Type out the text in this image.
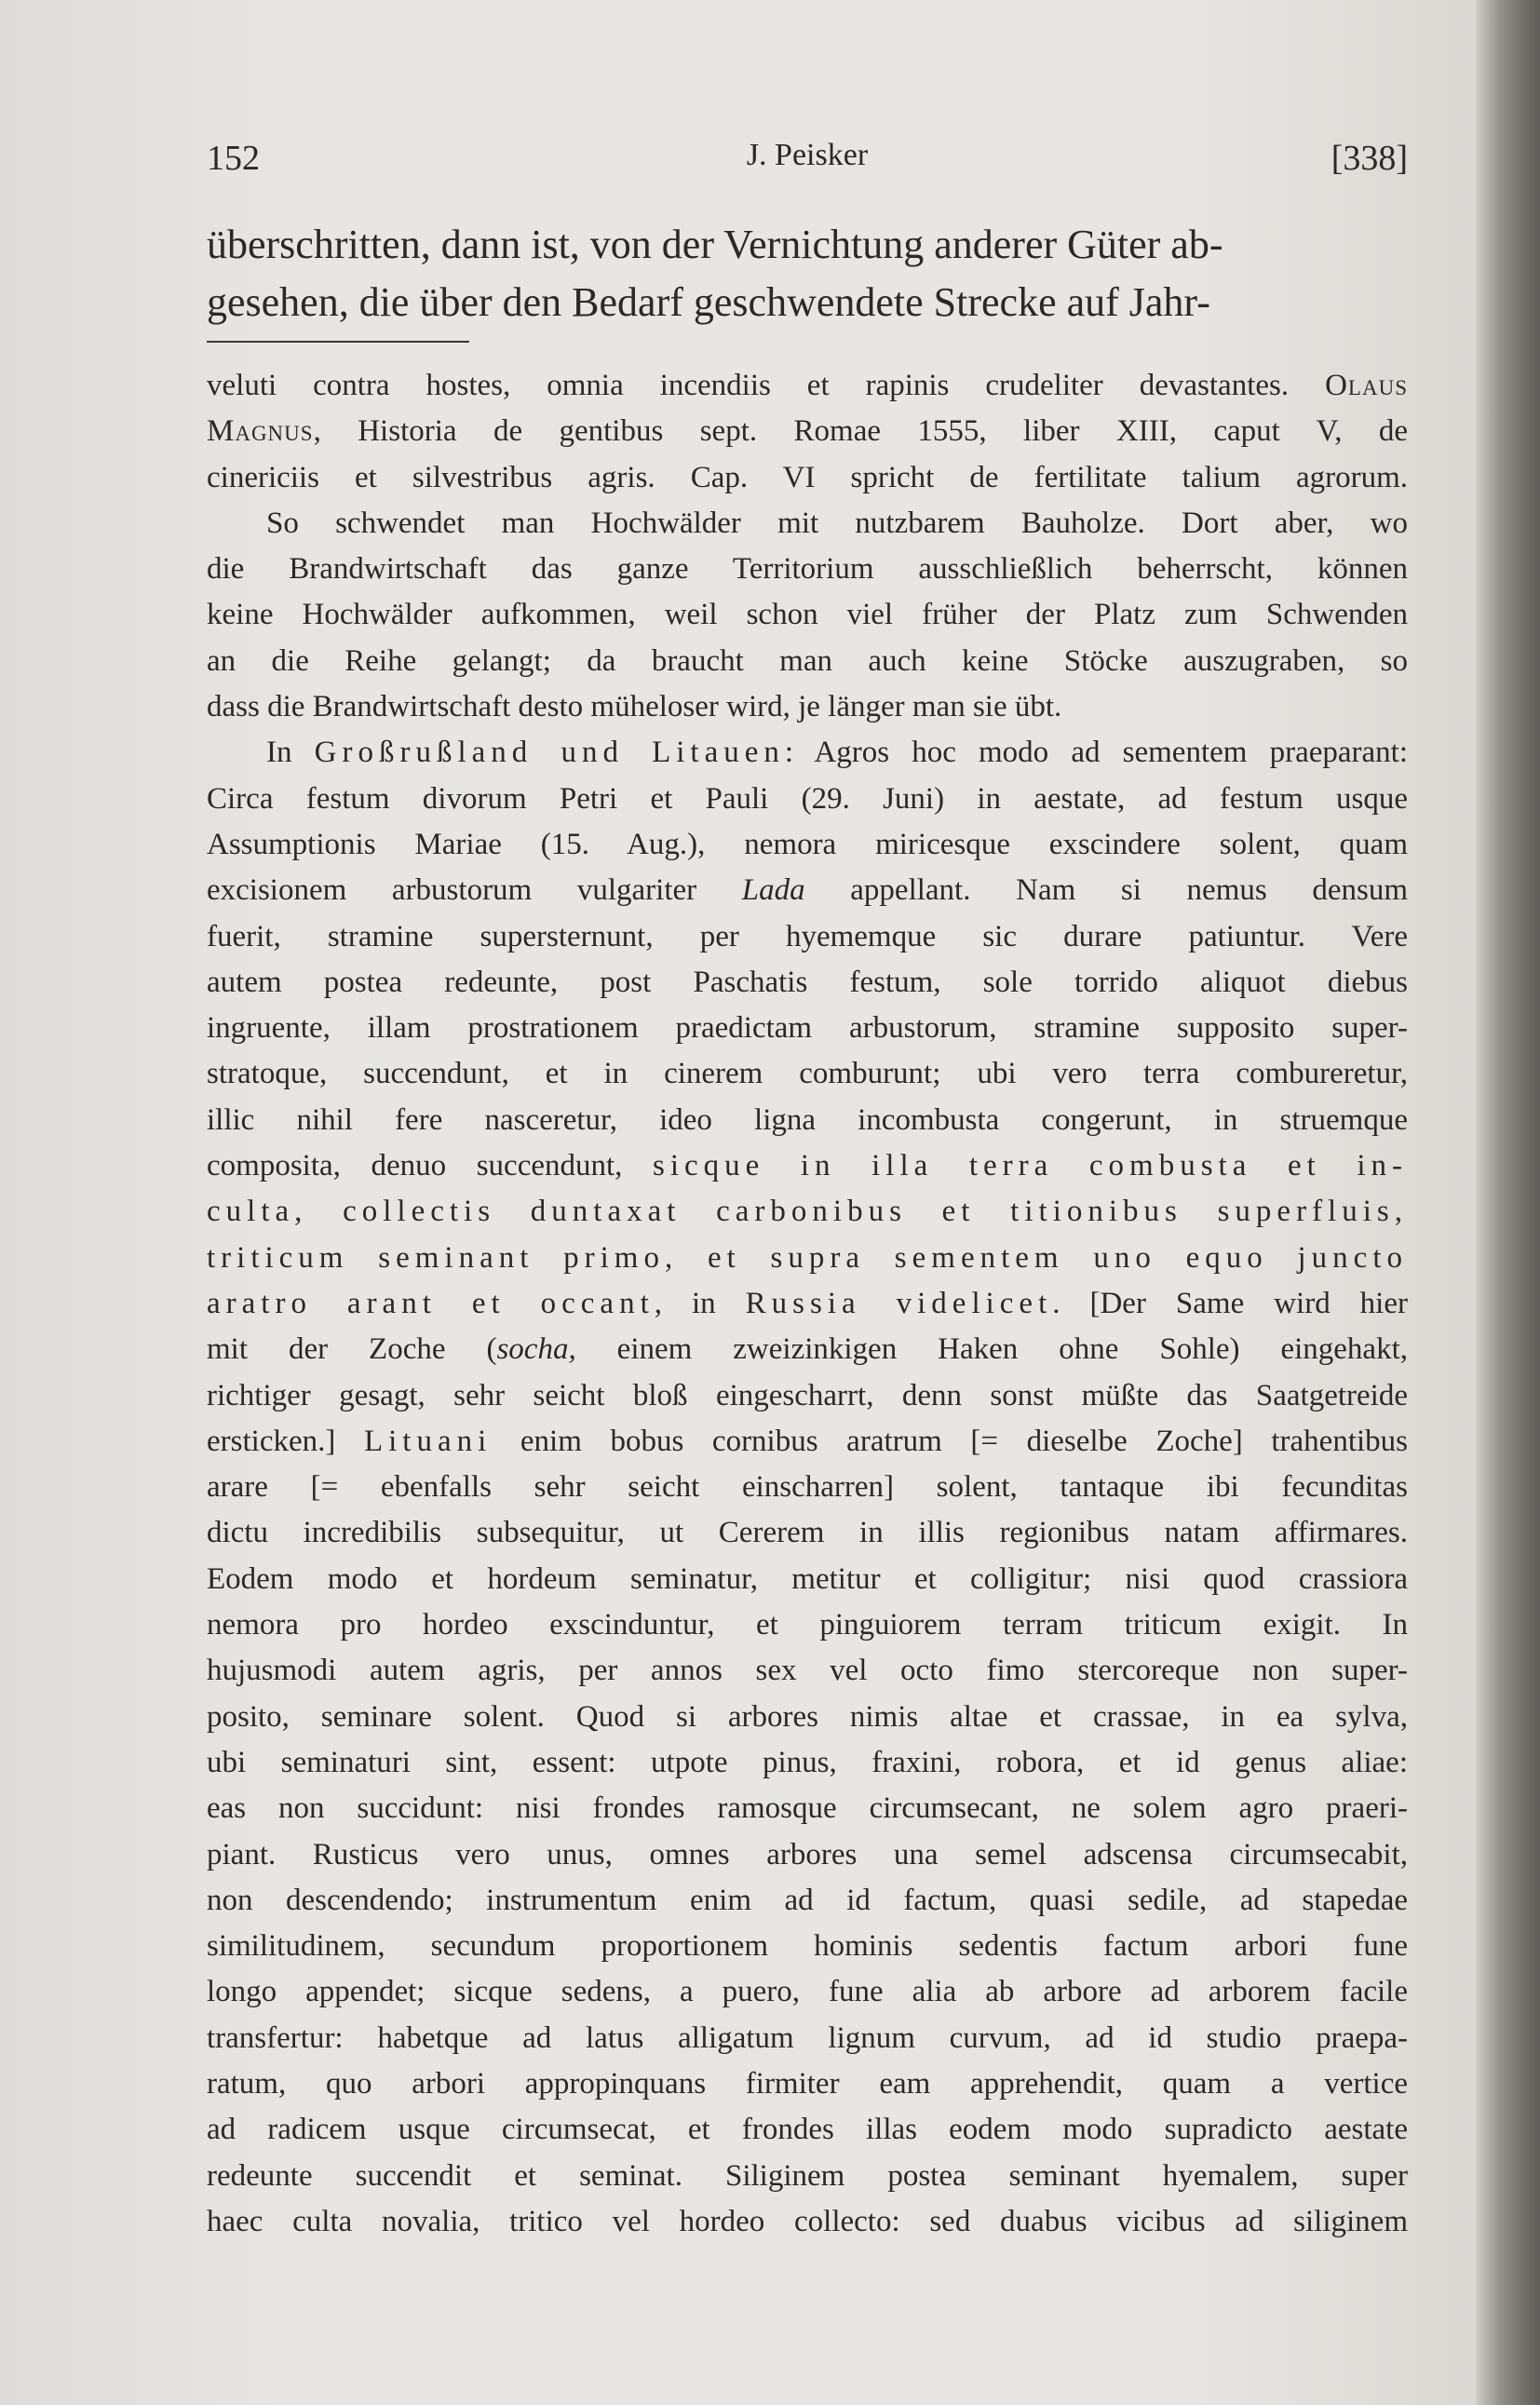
152	J. Peisker	[338]
überschritten, dann ist, von der Vernichtung anderer Güter ab-
gesehen, die über den Bedarf geschwendete Strecke auf Jahr-
veluti contra hostes, omnia incendiis et rapinis crudeliter devastantes. Olaus
Magnus, Historia de gentibus sept. Romae 1555, liber XIII, caput V, de
cinericiis et silvestribus agris. Cap. VI spricht de fertilitate talium agrorum.
So schwendet man Hochwälder mit nutzbarem Bauholze. Dort aber, wo
die Brandwirtschaft das ganze Territorium ausschließlich beherrscht, können
keine Hochwälder aufkommen, weil schon viel früher der Platz zum Schwenden
an die Reihe gelangt; da braucht man auch keine Stöcke auszugraben, so
dass die Brandwirtschaft desto müheloser wird, je länger man sie übt.
In Großrußland und Litauen: Agros hoc modo ad sementem praeparant:
Circa festum divorum Petri et Pauli (29. Juni) in aestate, ad festum usque
Assumptionis Mariae (15. Aug.), nemora miricesque exscindere solent, quam
excisionem arbustorum vulgariter Lada appellant. Nam si nemus densum
fuerit, stramine supersternunt, per hyememque sic durare patiuntur. Vere
autem postea redeunte, post Paschatis festum, sole torrido aliquot diebus
ingruente, illam prostrationem praedictam arbustorum, stramine supposito super-
stratoque, succendunt, et in cinerem comburunt; ubi vero terra combureretur,
illic nihil fere nasceretur, ideo ligna incombusta congerunt, in struemque
composita, denuo succendunt, sicque in illa terra combusta et in-
culta, collectis duntaxat carbonibus et titionibus superfluis,
triticum seminant primo, et supra sementem uno equo juncto
aratro arant et occant, in Russia videlicet. [Der Same wird hier
mit der Zoche (socha, einem zweizinkigen Haken ohne Sohle) eingehakt,
richtiger gesagt, sehr seicht bloß eingescharrt, denn sonst müßte das Saatgetreide
ersticken.] Lituani enim bobus cornibus aratrum [= dieselbe Zoche] trahentibus
arare [= ebenfalls sehr seicht einscharren] solent, tantaque ibi fecunditas
dictu incredibilis subsequitur, ut Cererem in illis regionibus natam affirmares.
Eodem modo et hordeum seminatur, metitur et colligitur; nisi quod crassiora
nemora pro hordeo exscinduntur, et pinguiorem terram triticum exigit. In
hujusmodi autem agris, per annos sex vel octo fimo stercoreque non super-
posito, seminare solent. Quod si arbores nimis altae et crassae, in ea sylva,
ubi seminaturi sint, essent: utpote pinus, fraxini, robora, et id genus aliae:
eas non succidunt: nisi frondes ramosque circumsecant, ne solem agro praeri-
piant. Rusticus vero unus, omnes arbores una semel adscensa circumsecabit,
non descendendo; instrumentum enim ad id factum, quasi sedile, ad stapedae
similitudinem, secundum proportionem hominis sedentis factum arbori fune
longo appendet; sicque sedens, a puero, fune alia ab arbore ad arborem facile
transfertur: habetque ad latus alligatum lignum curvum, ad id studio praepa-
ratum, quo arbori appropinquans firmiter eam apprehendit, quam a vertice
ad radicem usque circumsecat, et frondes illas eodem modo supradicto aestate
redeunte succendit et seminat. Siliginem postea seminant hyemalem, super
haec culta novalia, tritico vel hordeo collecto: sed duabus vicibus ad siliginem
